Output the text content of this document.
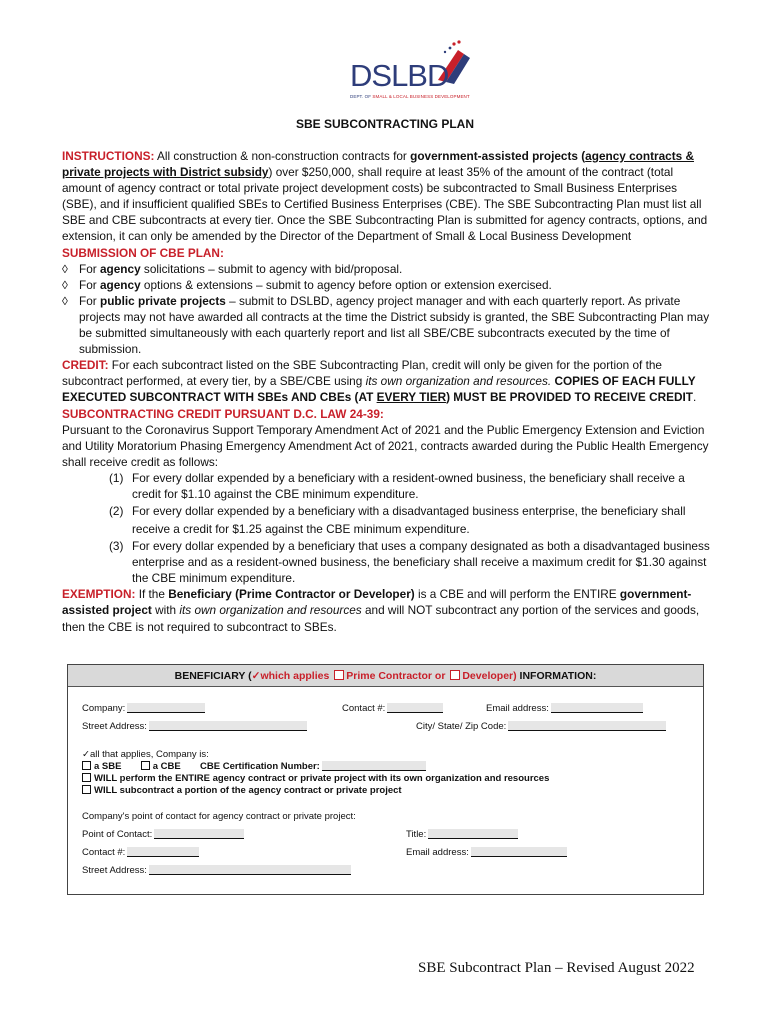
DSLBD
DEPT. OF SMALL & LOCAL BUSINESS DEVELOPMENT
SBE SUBCONTRACTING PLAN

INSTRUCTIONS: All construction & non-construction contracts for government-assisted projects (agency contracts & private projects with District subsidy) over $250,000, shall require at least 35% of the amount of the contract (total amount of agency contract or total private project development costs) be subcontracted to Small Business Enterprises (SBE), and if insufficient qualified SBEs to Certified Business Enterprises (CBE). The SBE Subcontracting Plan must list all SBE and CBE subcontracts at every tier. Once the SBE Subcontracting Plan is submitted for agency contracts, options, and extension, it can only be amended by the Director of the Department of Small & Local Business Development

SUBMISSION OF CBE PLAN:

◊ For agency solicitations – submit to agency with bid/proposal.
◊ For agency options & extensions – submit to agency before option or extension exercised.
◊ For public private projects – submit to DSLBD, agency project manager and with each quarterly report. As private projects may not have awarded all contracts at the time the District subsidy is granted, the SBE Subcontracting Plan may be submitted simultaneously with each quarterly report and list all SBE/CBE subcontracts executed by the time of submission.

CREDIT: For each subcontract listed on the SBE Subcontracting Plan, credit will only be given for the portion of the subcontract performed, at every tier, by a SBE/CBE using its own organization and resources. COPIES OF EACH FULLY EXECUTED SUBCONTRACT WITH SBEs AND CBEs (AT EVERY TIER) MUST BE PROVIDED TO RECEIVE CREDIT.

SUBCONTRACTING CREDIT PURSUANT D.C. LAW 24-39:

Pursuant to the Coronavirus Support Temporary Amendment Act of 2021 and the Public Emergency Extension and Eviction and Utility Moratorium Phasing Emergency Amendment Act of 2021, contracts awarded during the Public Health Emergency shall receive credit as follows:

(1) For every dollar expended by a beneficiary with a resident-owned business, the beneficiary shall receive a credit for $1.10 against the CBE minimum expenditure.
(2) For every dollar expended by a beneficiary with a disadvantaged business enterprise, the beneficiary shall receive a credit for $1.25 against the CBE minimum expenditure.
(3) For every dollar expended by a beneficiary that uses a company designated as both a disadvantaged business enterprise and as a resident-owned business, the beneficiary shall receive a maximum credit for $1.30 against the CBE minimum expenditure.

EXEMPTION: If the Beneficiary (Prime Contractor or Developer) is a CBE and will perform the ENTIRE government-assisted project with its own organization and resources and will NOT subcontract any portion of the services and goods, then the CBE is not required to subcontract to SBEs.

BENEFICIARY (✓which applies Prime Contractor or Developer) INFORMATION:
Company:	Contact #:	Email address:
Street Address:	City/ State/ Zip Code:
✓all that applies, Company is:
a SBE	a CBE CBE Certification Number:
WILL perform the ENTIRE agency contract or private project with its own organization and resources
WILL subcontract a portion of the agency contract or private project
Company's point of contact for agency contract or private project:
Point of Contact:	Title:
Contact #:	Email address:
Street Address:
SBE Subcontract Plan – Revised August 2022
